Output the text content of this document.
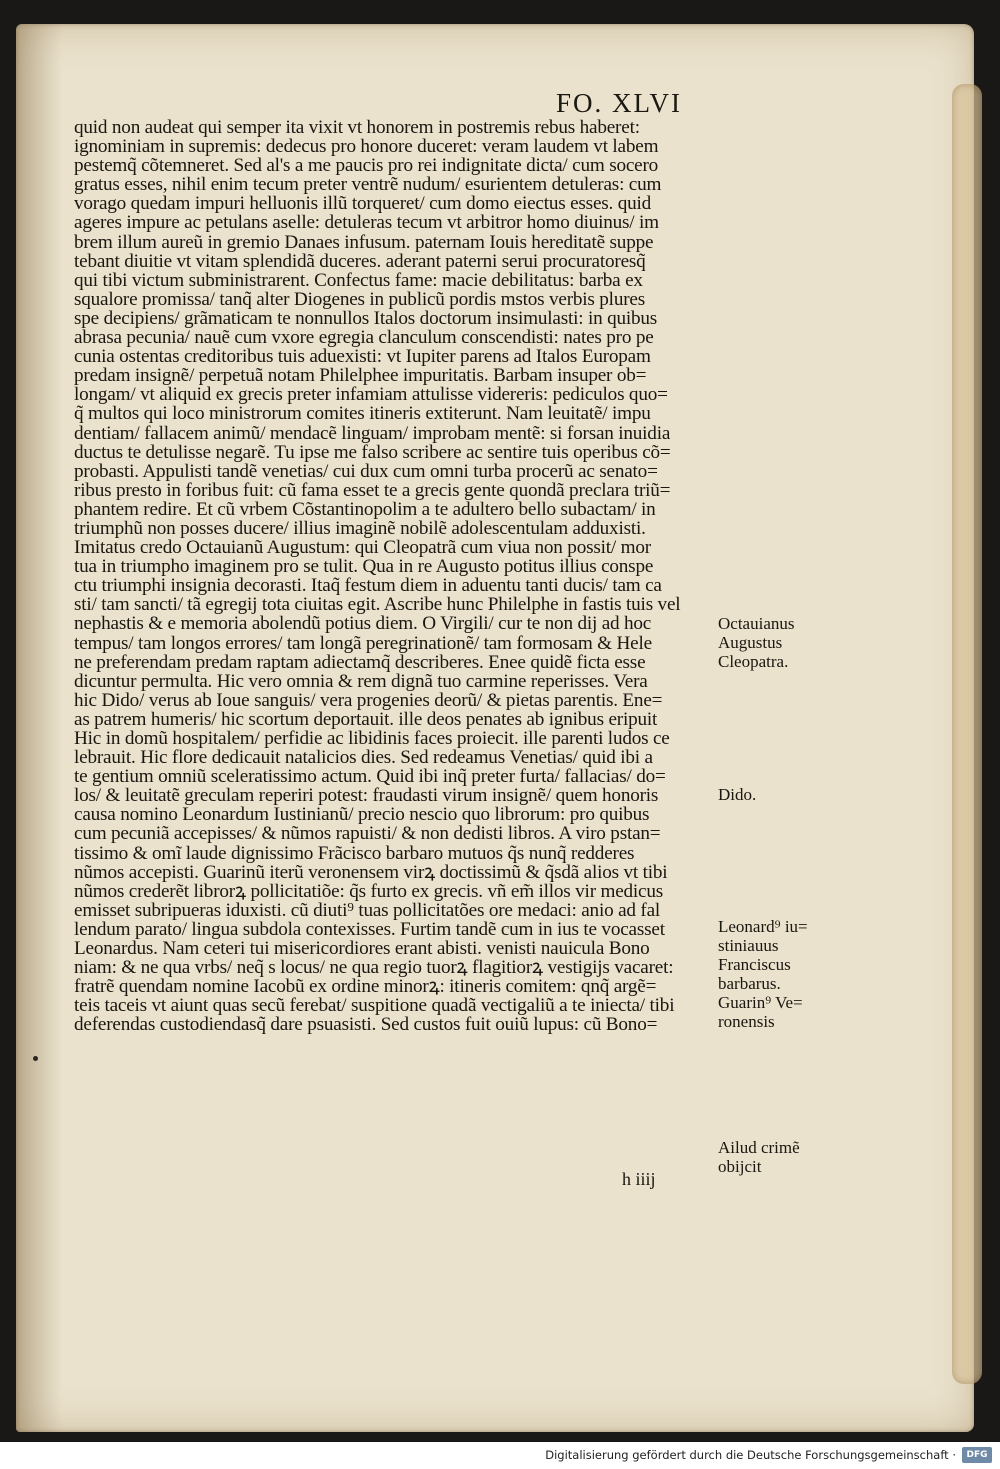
FO. XLVI
quid non audeat qui semper ita vixit vt honorem in postremis rebus haberet:
ignominiam in supremis: dedecus pro honore duceret: veram laudem vt labem
pestemq̃ cõtemneret. Sed al's a me paucis pro rei indignitate dicta/ cum socero
gratus esses, nihil enim tecum preter ventrẽ nudum/ esurientem detuleras: cum
vorago quedam impuri helluonis illũ torqueret/ cum domo eiectus esses. quid
ageres impure ac petulans aselle: detuleras tecum vt arbitror homo diuinus/ im
brem illum aureũ in gremio Danaes infusum. paternam Iouis hereditatẽ suppe
tebant diuitie vt vitam splendidã duceres. aderant paterni serui procuratoresq̃
qui tibi victum subministrarent. Confectus fame: macie debilitatus: barba ex
squalore promissa/ tanq̃ alter Diogenes in publicũ pordis mstos verbis plures
spe decipiens/ grãmaticam te nonnullos Italos doctorum insimulasti: in quibus
abrasa pecunia/ nauẽ cum vxore egregia clanculum conscendisti: nates pro pe
cunia ostentas creditoribus tuis aduexisti: vt Iupiter parens ad Italos Europam
predam insignẽ/ perpetuã notam Philelphee impuritatis. Barbam insuper ob=
longam/ vt aliquid ex grecis preter infamiam attulisse videreris: pediculos quo=
q̃ multos qui loco ministrorum comites itineris extiterunt. Nam leuitatẽ/ impu
dentiam/ fallacem animũ/ mendacẽ linguam/ improbam mentẽ: si forsan inuidia
ductus te detulisse negarẽ. Tu ipse me falso scribere ac sentire tuis operibus cõ=
probasti. Appulisti tandẽ venetias/ cui dux cum omni turba procerũ ac senato=
ribus presto in foribus fuit: cũ fama esset te a grecis gente quondã preclara triũ=
phantem redire. Et cũ vrbem Cõstantinopolim a te adultero bello subactam/ in
triumphũ non posses ducere/ illius imaginẽ nobilẽ adolescentulam adduxisti.
Imitatus credo Octauianũ Augustum: qui Cleopatrã cum viua non possit/ mor
tua in triumpho imaginem pro se tulit. Qua in re Augusto potitus illius conspe
ctu triumphi insignia decorasti. Itaq̃ festum diem in aduentu tanti ducis/ tam ca
sti/ tam sancti/ tã egregij tota ciuitas egit. Ascribe hunc Philelphe in fastis tuis vel
nephastis & e memoria abolendũ potius diem. O Virgili/ cur te non dij ad hoc
tempus/ tam longos errores/ tam longã peregrinationẽ/ tam formosam & Hele
ne preferendam predam raptam adiectamq̃ describeres. Enee quidẽ ficta esse
dicuntur permulta. Hic vero omnia & rem dignã tuo carmine reperisses. Vera
hic Dido/ verus ab Ioue sanguis/ vera progenies deorũ/ & pietas parentis. Ene=
as patrem humeris/ hic scortum deportauit. ille deos penates ab ignibus eripuit
Hic in domũ hospitalem/ perfidie ac libidinis faces proiecit. ille parenti ludos ce
lebrauit. Hic flore dedicauit natalicios dies. Sed redeamus Venetias/ quid ibi a
te gentium omniũ sceleratissimo actum. Quid ibi inq̃ preter furta/ fallacias/ do=
los/ & leuitatẽ greculam reperiri potest: fraudasti virum insignẽ/ quem honoris
causa nomino Leonardum Iustinianũ/ precio nescio quo librorum: pro quibus
cum pecuniã accepisses/ & nũmos rapuisti/ & non dedisti libros. A viro pstan=
tissimo & omĩ laude dignissimo Frãcisco barbaro mutuos q̃s nunq̃ redderes
nũmos accepisti. Guarinũ iterũ veronensem virꝝ doctissimũ & q̃sdã alios vt tibi
nũmos crederẽt librorꝝ pollicitatiõe: q̃s furto ex grecis. vñ em̃ illos vir medicus
emisset subripueras iduxisti. cũ diuti⁹ tuas pollicitatões ore medaci: anio ad fal
lendum parato/ lingua subdola contexisses. Furtim tandẽ cum in ius te vocasset
Leonardus. Nam ceteri tui misericordiores erant abisti. venisti nauicula Bono
niam: & ne qua vrbs/ neq̃ s locus/ ne qua regio tuorꝝ flagitiorꝝ vestigijs vacaret:
fratrẽ quendam nomine Iacobũ ex ordine minorꝝ: itineris comitem: qnq̃ argẽ=
teis taceis vt aiunt quas secũ ferebat/ suspitione quadã vectigaliũ a te iniecta/ tibi
deferendas custodiendasq̃ dare psuasisti. Sed custos fuit ouiũ lupus: cũ Bono=
Octauianus
Augustus
Cleopatra.
Dido.
Leonard⁹ iu=
stiniauus
Franciscus
barbarus.
Guarin⁹ Ve=
ronensis
Ailud crimẽ
obijcit
h iiij
Digitalisierung gefördert durch die Deutsche Forschungsgemeinschaft ·	DFG
